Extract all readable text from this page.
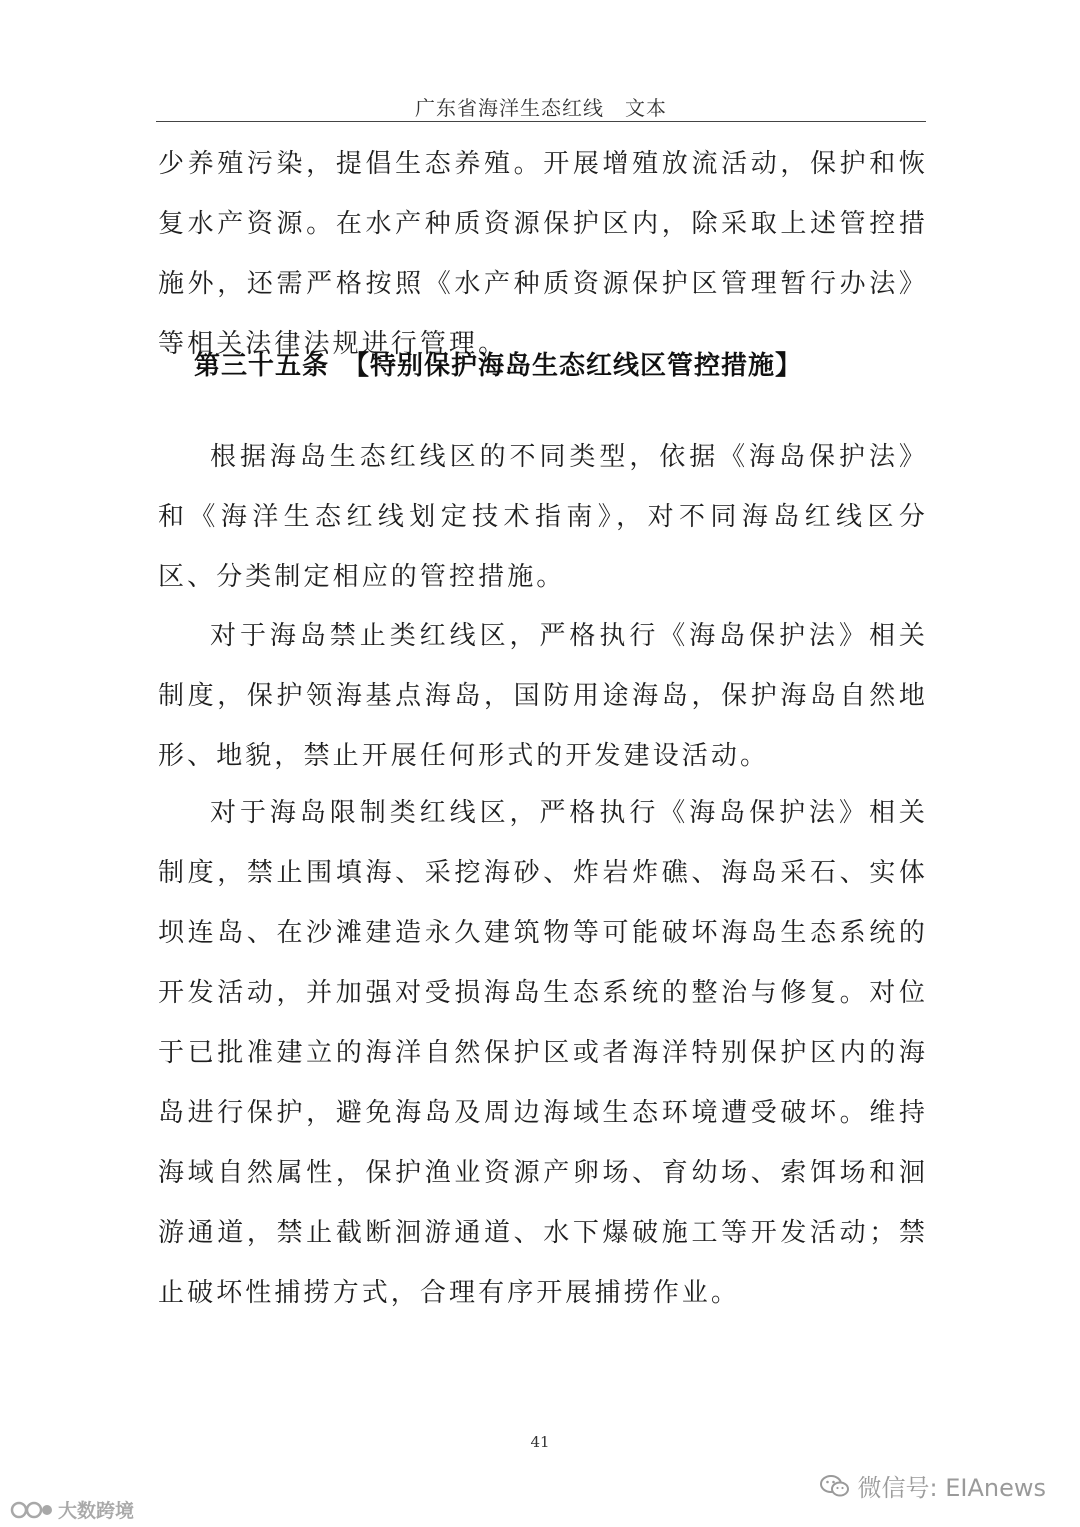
广东省海洋生态红线　文本

少养殖污染，提倡生态养殖。开展增殖放流活动，保护和恢复水产资源。在水产种质资源保护区内，除采取上述管控措施外，还需严格按照《水产种质资源保护区管理暂行办法》等相关法律法规进行管理。

第三十五条　【特别保护海岛生态红线区管控措施】

根据海岛生态红线区的不同类型，依据《海岛保护法》和《海洋生态红线划定技术指南》，对不同海岛红线区分区、分类制定相应的管控措施。

对于海岛禁止类红线区，严格执行《海岛保护法》相关制度，保护领海基点海岛，国防用途海岛，保护海岛自然地形、地貌，禁止开展任何形式的开发建设活动。

对于海岛限制类红线区，严格执行《海岛保护法》相关制度，禁止围填海、采挖海砂、炸岩炸礁、海岛采石、实体坝连岛、在沙滩建造永久建筑物等可能破坏海岛生态系统的开发活动，并加强对受损海岛生态系统的整治与修复。对位于已批准建立的海洋自然保护区或者海洋特别保护区内的海岛进行保护，避免海岛及周边海域生态环境遭受破坏。维持海域自然属性，保护渔业资源产卵场、育幼场、索饵场和洄游通道，禁止截断洄游通道、水下爆破施工等开发活动；禁止破坏性捕捞方式，合理有序开展捕捞作业。

41
微信号: EIAnews
大数跨境
